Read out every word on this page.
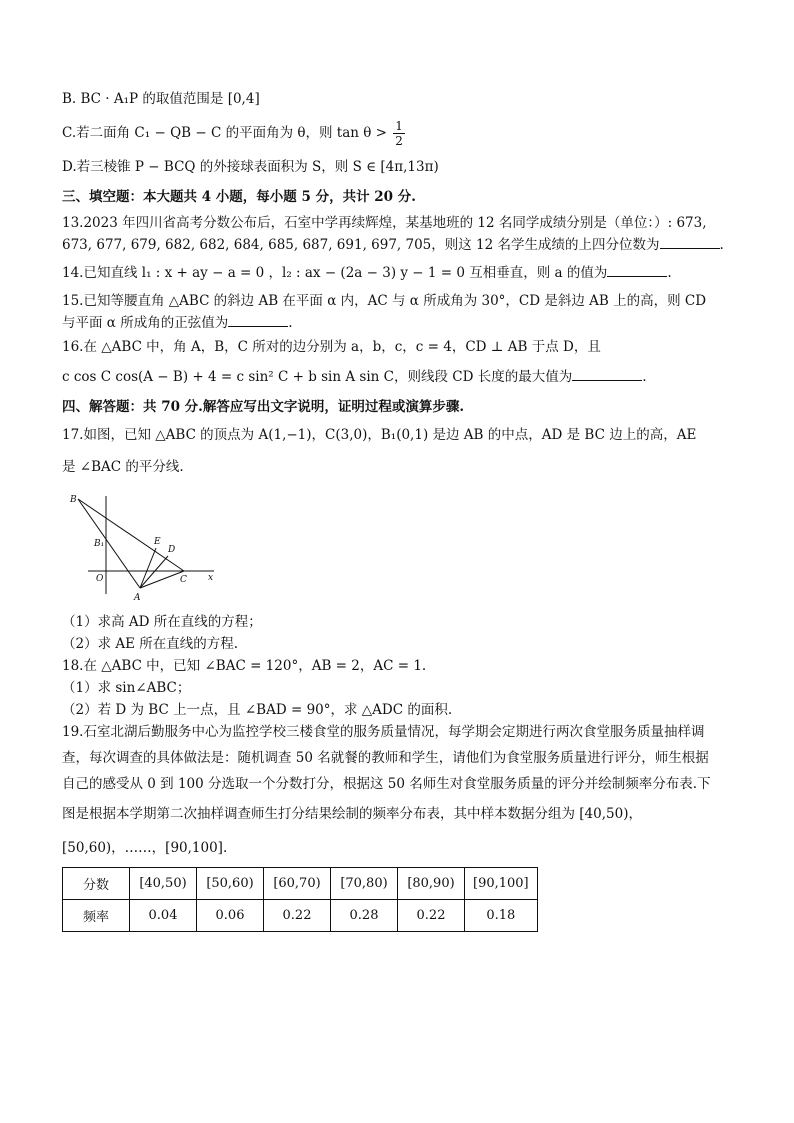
B. BC · A₁P 的取值范围是 [0,4]
C.若二面角 C₁ − QB − C 的平面角为 θ，则 $\tan \theta > \frac{1}{2}$
D.若三棱锥 P − BCQ 的外接球表面积为 S，则 S ∈ [4π,13π)
三、填空题：本大题共 4 小题，每小题 5 分，共计 20 分.
13.2023 年四川省高考分数公布后，石室中学再续辉煌，某基地班的 12 名同学成绩分别是（单位：）: 673,
673, 677, 679, 682, 682, 684, 685, 687, 691, 697, 705，则这 12 名学生成绩的上四分位数为	.
14.已知直线 l₁ : x + ay − a = 0 ，l₂ : ax − (2a − 3) y − 1 = 0 互相垂直，则 a 的值为	.
15.已知等腰直角 △ABC 的斜边 AB 在平面 α 内，AC 与 α 所成角为 30°，CD 是斜边 AB 上的高，则 CD
与平面 α 所成角的正弦值为	.
16.在 △ABC 中，角 A，B，C 所对的边分别为 a，b，c，c = 4，CD ⊥ AB 于点 D，且
c cos C cos(A − B) + 4 = c sin² C + b sin A sin C，则线段 CD 长度的最大值为	.
四、解答题：共 70 分.解答应写出文字说明，证明过程或演算步骤.
17.如图，已知 △ABC 的顶点为 A(1,−1)，C(3,0)，B₁(0,1) 是边 AB 的中点，AD 是 BC 边上的高，AE
是 ∠BAC 的平分线.
B
B₁	E
D
O	C x
A
（1）求高 AD 所在直线的方程；
（2）求 AE 所在直线的方程.
18.在 △ABC 中，已知 ∠BAC = 120°，AB = 2，AC = 1.
（1）求 sin∠ABC；
（2）若 D 为 BC 上一点，且 ∠BAD = 90°，求 △ADC 的面积.
19.石室北湖后勤服务中心为监控学校三楼食堂的服务质量情况，每学期会定期进行两次食堂服务质量抽样调
查，每次调查的具体做法是：随机调查 50 名就餐的教师和学生，请他们为食堂服务质量进行评分，师生根据
自己的感受从 0 到 100 分选取一个分数打分，根据这 50 名师生对食堂服务质量的评分并绘制频率分布表.下
图是根据本学期第二次抽样调查师生打分结果绘制的频率分布表，其中样本数据分组为 [40,50)，
[50,60)，……，[90,100].
分数	[40,50)	[50,60)	[60,70)	[70,80)	[80,90)	[90,100]
频率	0.04	0.06	0.22	0.28	0.22	0.18
